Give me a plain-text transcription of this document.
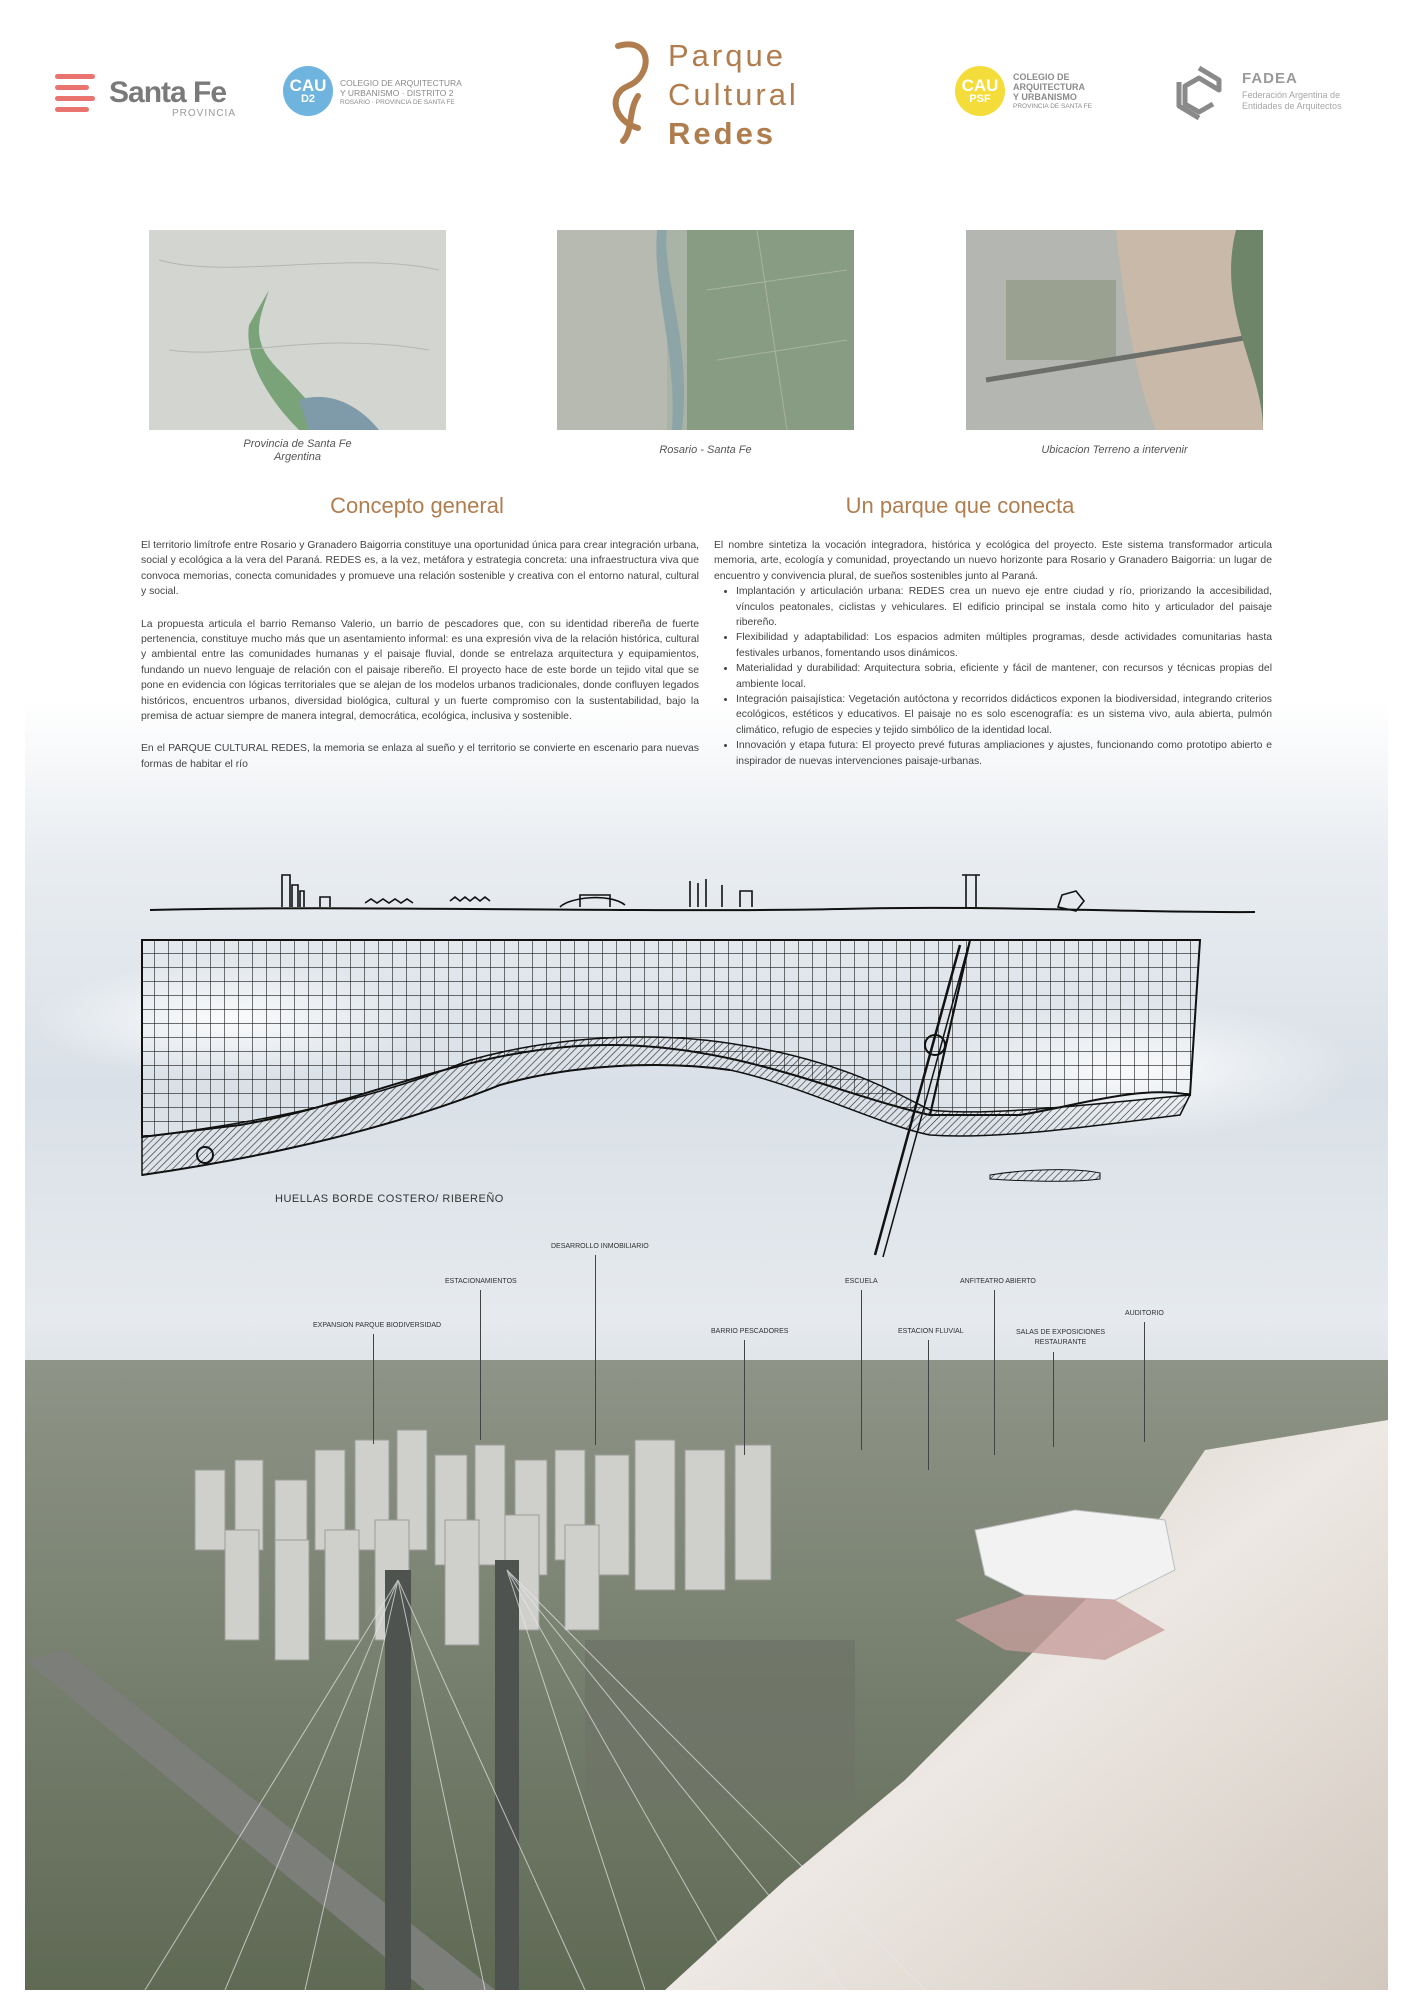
Santa Fe
PROVINCIA
CAU
D2
COLEGIO DE ARQUITECTURA
Y URBANISMO · DISTRITO 2
ROSARIO · PROVINCIA DE SANTA FE
Parque
Cultural
Redes
CAU
PSF
COLEGIO DE
ARQUITECTURA
Y URBANISMO
PROVINCIA DE SANTA FE
FADEA
Federación Argentina de
Entidades de Arquitectos
Provincia de Santa Fe
Argentina
Rosario - Santa Fe	Ubicacion Terreno a intervenir
Concepto general	Un parque que conecta

El territorio limítrofe entre Rosario y Granadero Baigorria constituye una oportunidad única para crear integración urbana, social y ecológica a la vera del Paraná. REDES es, a la vez, metáfora y estrategia concreta: una infraestructura viva que convoca memorias, conecta comunidades y promueve una relación sostenible y creativa con el entorno natural, cultural y social.

La propuesta articula el barrio Remanso Valerio, un barrio de pescadores que, con su identidad ribereña de fuerte pertenencia, constituye mucho más que un asentamiento informal: es una expresión viva de la relación histórica, cultural y ambiental entre las comunidades humanas y el paisaje fluvial, donde se entrelaza arquitectura y equipamientos, fundando un nuevo lenguaje de relación con el paisaje ribereño. El proyecto hace de este borde un tejido vital que se pone en evidencia con lógicas territoriales que se alejan de los modelos urbanos tradicionales, donde confluyen legados históricos, encuentros urbanos, diversidad biológica, cultural y un fuerte compromiso con la sustentabilidad, bajo la premisa de actuar siempre de manera integral, democrática, ecológica, inclusiva y sostenible.

En el PARQUE CULTURAL REDES, la memoria se enlaza al sueño y el territorio se convierte en escenario para nuevas formas de habitar el río

El nombre sintetiza la vocación integradora, histórica y ecológica del proyecto. Este sistema transformador articula memoria, arte, ecología y comunidad, proyectando un nuevo horizonte para Rosario y Granadero Baigorria: un lugar de encuentro y convivencia plural, de sueños sostenibles junto al Paraná.
• Implantación y articulación urbana: REDES crea un nuevo eje entre ciudad y río, priorizando la accesibilidad, vínculos peatonales, ciclistas y vehiculares. El edificio principal se instala como hito y articulador del paisaje ribereño.
• Flexibilidad y adaptabilidad: Los espacios admiten múltiples programas, desde actividades comunitarias hasta festivales urbanos, fomentando usos dinámicos.
• Materialidad y durabilidad: Arquitectura sobria, eficiente y fácil de mantener, con recursos y técnicas propias del ambiente local.
• Integración paisajística: Vegetación autóctona y recorridos didácticos exponen la biodiversidad, integrando criterios ecológicos, estéticos y educativos. El paisaje no es solo escenografía: es un sistema vivo, aula abierta, pulmón climático, refugio de especies y tejido simbólico de la identidad local.
• Innovación y etapa futura: El proyecto prevé futuras ampliaciones y ajustes, funcionando como prototipo abierto e inspirador de nuevas intervenciones paisaje-urbanas.
HUELLAS BORDE COSTERO/ RIBEREÑO
EXPANSION PARQUE BIODIVERSIDAD
ESTACIONAMIENTOS
DESARROLLO INMOBILIARIO
BARRIO PESCADORES
ESCUELA
ESTACION FLUVIAL
ANFITEATRO ABIERTO
SALAS DE EXPOSICIONES
RESTAURANTE
AUDITORIO
